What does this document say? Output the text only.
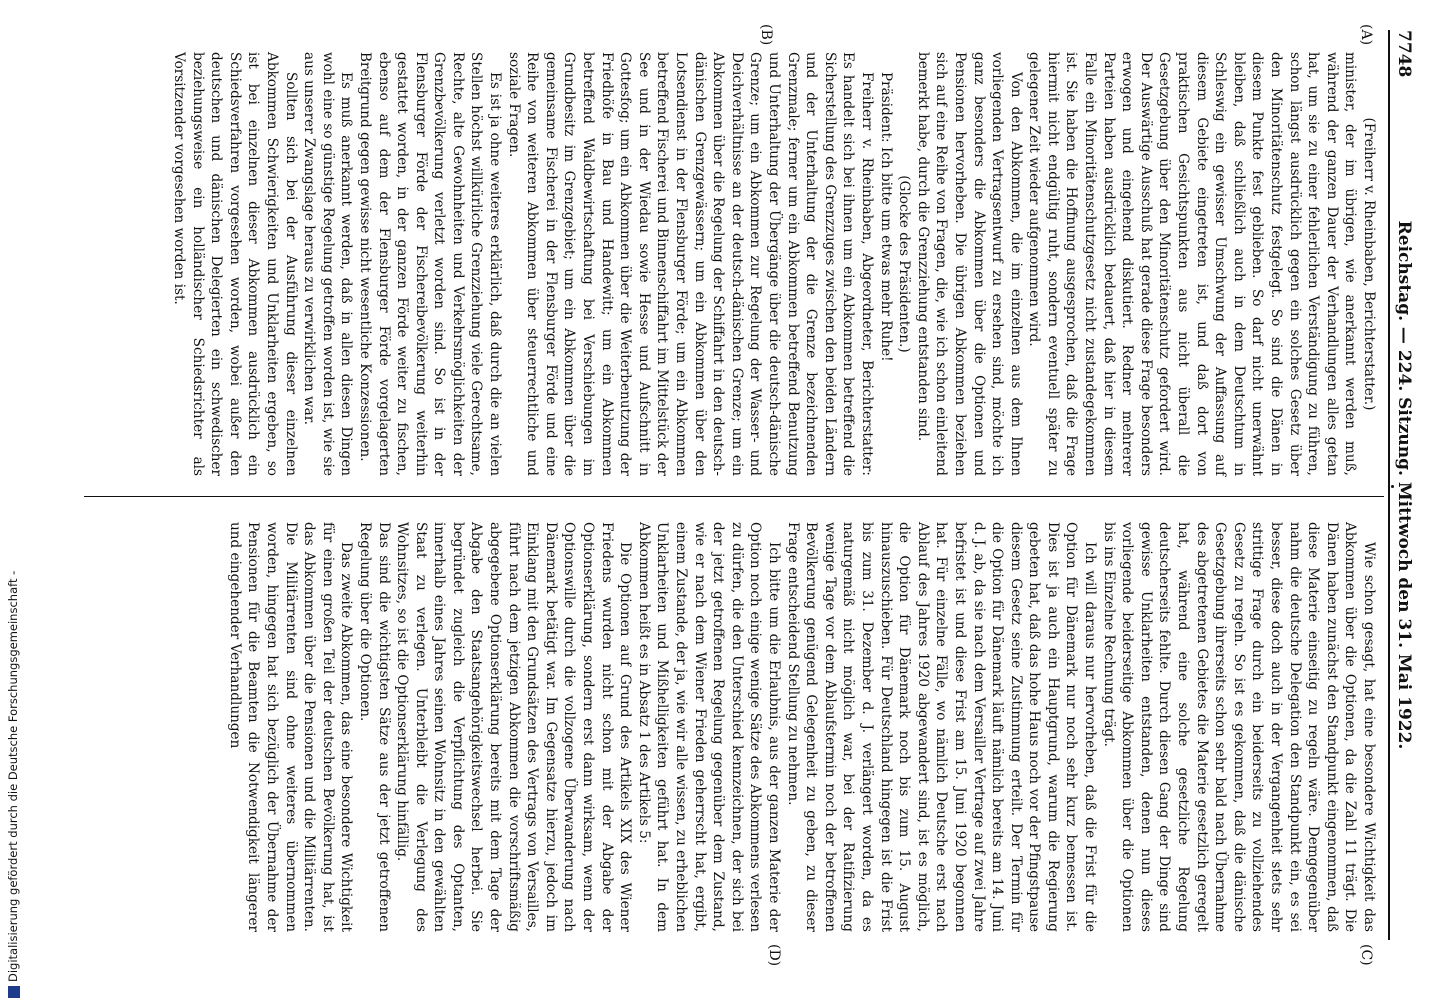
7748
Reichstag. — 224. Sitzung. Mittwoch den 31. Mai 1922.
(A)
(B)
(C)
(D)

(Freiherr v. Rheinbaben, Berichterstatter.)

minister, der im übrigen, wie anerkannt werden muß, während der ganzen Dauer der Verhandlungen alles getan hat, um sie zu einer fehlerlichen Verständigung zu führen, schon längst ausdrücklich gegen ein solches Gesetz über den Minoritätenschutz festgelegt. So sind die Dänen in diesem Punkte fest geblieben. So darf nicht unerwähnt bleiben, daß schließlich auch in dem Deutschtum in Schleswig ein gewisser Umschwung der Auffassung auf diesem Gebiete eingetreten ist, und daß dort von praktischen Gesichtspunkten aus nicht überall die Gesetzgebung über den Minoritätenschutz gefordert wird. Der Auswärtige Ausschuß hat gerade diese Frage besonders erwogen und eingehend diskutiert. Redner mehrerer Parteien haben ausdrücklich bedauert, daß hier in diesem Falle ein Minoritätenschutzgesetz nicht zustandegekommen ist. Sie haben die Hoffnung ausgesprochen, daß die Frage hiermit nicht endgültig ruht, sondern eventuell später zu gelegener Zeit wieder aufgenommen wird.

Von den Abkommen, die im einzelnen aus dem Ihnen vorliegenden Vertragsentwurf zu ersehen sind, möchte ich ganz besonders die Abkommen über die Optionen und Pensionen hervorheben. Die übrigen Abkommen beziehen sich auf eine Reihe von Fragen, die, wie ich schon einleitend bemerkt habe, durch die Grenzziehung entstanden sind.

(Glocke des Präsidenten.)

Präsident: Ich bitte um etwas mehr Ruhe!

Freiherr v. Rheinbaben, Abgeordneter, Berichterstatter: Es handelt sich bei ihnen um ein Abkommen betreffend die Sicherstellung des Grenzzuges zwischen den beiden Ländern und der Unterhaltung der die Grenze bezeichnenden Grenzmale; ferner um ein Abkommen betreffend Benutzung und Unterhaltung der Übergänge über die deutsch-dänische Grenze; um ein Abkommen zur Regelung der Wasser- und Deichverhältnisse an der deutsch-dänischen Grenze; um ein Abkommen über die Regelung der Schiffahrt in den deutsch-dänischen Grenzgewässern; um ein Abkommen über den Lotsendienst in der Flensburger Förde; um ein Abkommen betreffend Fischerei und Binnenschiffahrt im Mittelstück der See und in der Wiedau sowie Hesse und Aufschnitt in Gottesfog; um ein Abkommen über die Weiterbenutzung der Friedhöfe in Bau und Handewitt; um ein Abkommen betreffend Waldbewirtschaftung bei Verschiebungen im Grundbesitz im Grenzgebiet; um ein Abkommen über die gemeinsame Fischerei in der Flensburger Förde und eine Reihe von weiteren Abkommen über steuerrechtliche und soziale Fragen.

Es ist ja ohne weiteres erklärlich, daß durch die an vielen Stellen höchst willkürliche Grenzziehung viele Gerechtsame, Rechte, alte Gewohnheiten und Verkehrsmöglichkeiten der Grenzbevölkerung verletzt worden sind. So ist in der Flensburger Förde der Fischereibevölkerung weiterhin gestattet worden, in der ganzen Förde weiter zu fischen, ebenso auf dem der Flensburger Förde vorgelagerten Breitgrund gegen gewisse nicht wesentliche Konzessionen.

Es muß anerkannt werden, daß in allen diesen Dingen wohl eine so günstige Regelung getroffen worden ist, wie sie aus unserer Zwangslage heraus zu verwirklichen war.

Sollten sich bei der Ausführung dieser einzelnen Abkommen Schwierigkeiten und Unklarheiten ergeben, so ist bei einzelnen dieser Abkommen ausdrücklich ein Schiedsverfahren vorgesehen worden, wobei außer den deutschen und dänischen Delegierten ein schwedischer beziehungsweise ein holländischer Schiedsrichter als Vorsitzender vorgesehen worden ist.

Wie schon gesagt, hat eine besondere Wichtigkeit das Abkommen über die Optionen, da die Zahl 11 trägt. Die Dänen haben zunächst den Standpunkt eingenommen, daß diese Materie einseitig zu regeln wäre. Demgegenüber nahm die deutsche Delegation den Standpunkt ein, es sei besser, diese doch auch in der Vergangenheit stets sehr strittige Frage durch ein beiderseits zu vollziehendes Gesetz zu regeln. So ist es gekommen, daß die dänische Gesetzgebung ihrerseits schon sehr bald nach Übernahme des abgetretenen Gebietes die Materie gesetzlich geregelt hat, während eine solche gesetzliche Regelung deutscherseits fehlte. Durch diesen Gang der Dinge sind gewisse Unklarheiten entstanden, denen nun dieses vorliegende beiderseitige Abkommen über die Optionen bis ins Einzelne Rechnung trägt.

Ich will daraus nur hervorheben, daß die Frist für die Option für Dänemark nur noch sehr kurz bemessen ist. Dies ist ja auch ein Hauptgrund, warum die Regierung gebeten hat, daß das hohe Haus noch vor der Pfingstpause diesem Gesetz seine Zustimmung erteilt. Der Termin für die Option für Dänemark läuft nämlich bereits am 14. Juni d. J. ab, da sie nach dem Versailler Vertrage auf zwei Jahre befristet ist und diese Frist am 15. Juni 1920 begonnen hat. Für einzelne Fälle, wo nämlich Deutsche erst nach Ablauf des Jahres 1920 abgewandert sind, ist es möglich, die Option für Dänemark noch bis zum 15. August hinauszuschieben. Für Deutschland hingegen ist die Frist bis zum 31. Dezember d. J. verlängert worden, da es naturgemäß nicht möglich war, bei der Ratifizierung wenige Tage vor dem Ablaufstermin noch der betroffenen Bevölkerung genügend Gelegenheit zu geben, zu dieser Frage entscheidend Stellung zu nehmen.

Ich bitte um die Erlaubnis, aus der ganzen Materie der Option noch einige wenige Sätze des Abkommens verlesen zu dürfen, die den Unterschied kennzeichnen, der sich bei der jetzt getroffenen Regelung gegenüber dem Zustand, wie er nach dem Wiener Frieden geherrscht hat, ergibt, einem Zustande, der ja, wie wir alle wissen, zu erheblichen Unklarheiten und Mißhelligkeiten geführt hat. In dem Abkommen heißt es in Absatz 1 des Artikels 5:

Die Optionen auf Grund des Artikels XIX des Wiener Friedens wurden nicht schon mit der Abgabe der Optionserklärung, sondern erst dann wirksam, wenn der Optionswille durch die vollzogene Überwanderung nach Dänemark betätigt war. Im Gegensatze hierzu, jedoch im Einklang mit den Grundsätzen des Vertrags von Versailles, führt nach dem jetzigen Abkommen die vorschriftsmäßig abgegebene Optionserklärung bereits mit dem Tage der Abgabe den Staatsangehörigkeitswechsel herbei. Sie begründet zugleich die Verpflichtung des Optanten, innerhalb eines Jahres seinen Wohnsitz in den gewählten Staat zu verlegen. Unterbleibt die Verlegung des Wohnsitzes, so ist die Optionserklärung hinfällig.

Das sind die wichtigsten Sätze aus der jetzt getroffenen Regelung über die Optionen.

Das zweite Abkommen, das eine besondere Wichtigkeit für einen großen Teil der deutschen Bevölkerung hat, ist das Abkommen über die Pensionen und die Militärrenten. Die Militärrenten sind ohne weiteres übernommen worden, hingegen hat sich bezüglich der Übernahme der Pensionen für die Beamten die Notwendigkeit längerer und eingehender Verhandlungen

Digitalisierung gefördert durch die Deutsche Forschungsgemeinschaft -
